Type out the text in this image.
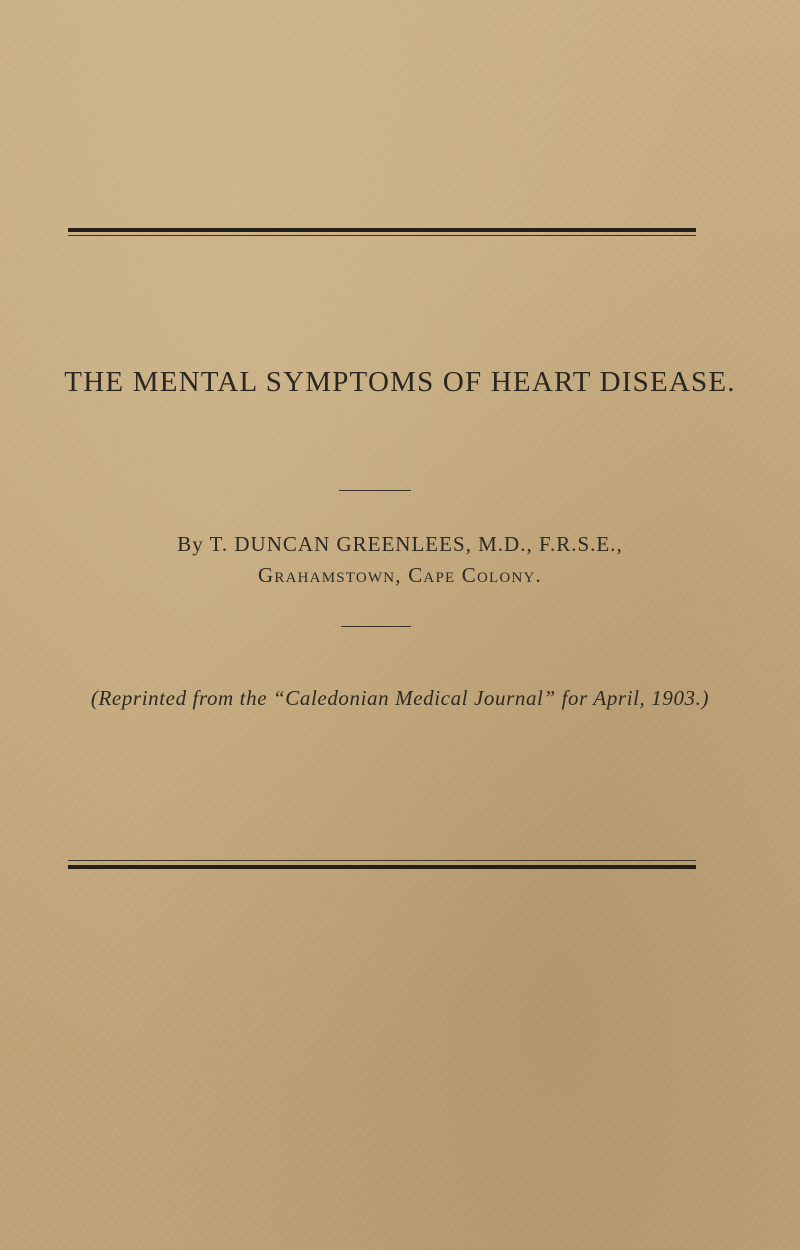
THE MENTAL SYMPTOMS OF HEART DISEASE.
By T. DUNCAN GREENLEES, M.D., F.R.S.E.,
Grahamstown, Cape Colony.
(Reprinted from the “Caledonian Medical Journal” for April, 1903.)
